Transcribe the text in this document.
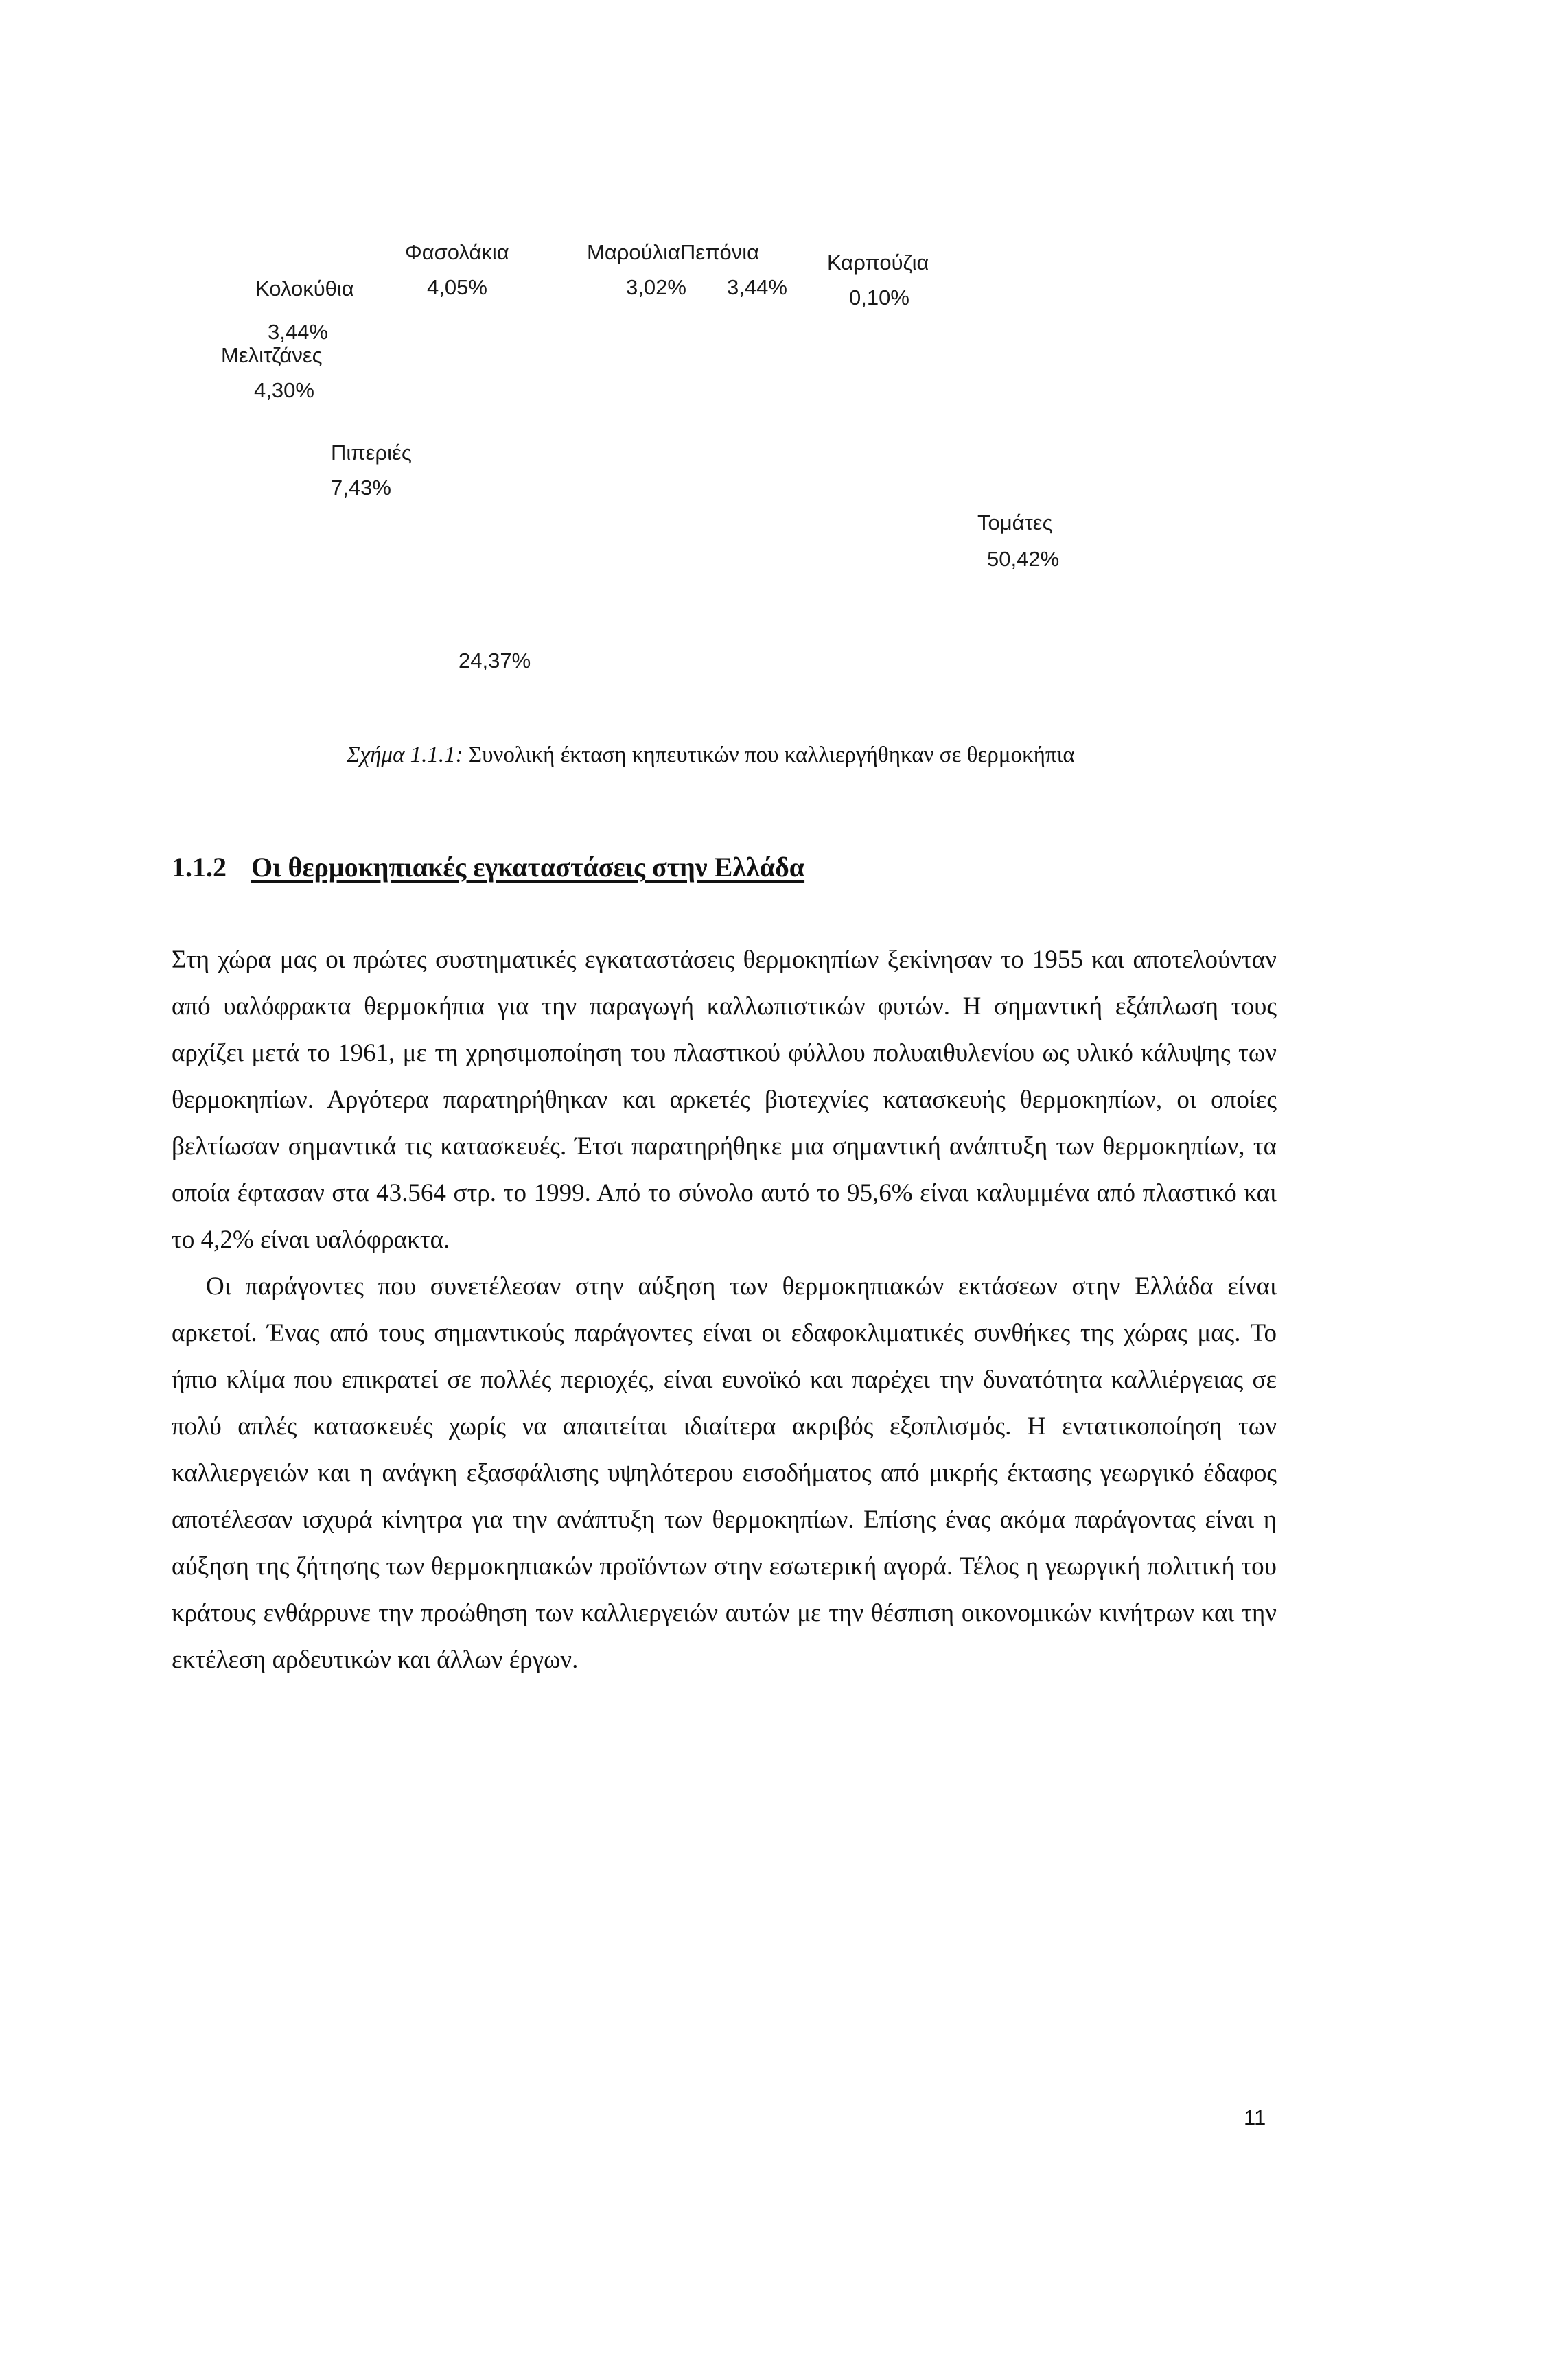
Φασολάκια
4,05%
ΜαρούλιαΠεπόνια
3,02% 3,44%
Καρπούζια
0,10%
Κολοκύθια
3,44%
Μελιτζάνες
4,30%
Πιπεριές
7,43%
Τομάτες
50,42%
24,37%
Σχήμα 1.1.1: Συνολική έκταση κηπευτικών που καλλιεργήθηκαν σε θερμοκήπια
1.1.2 Οι θερμοκηπιακές εγκαταστάσεις στην Ελλάδα

Στη χώρα μας οι πρώτες συστηματικές εγκαταστάσεις θερμοκηπίων ξεκίνησαν το 1955 και αποτελούνταν από υαλόφρακτα θερμοκήπια για την παραγωγή καλλωπιστικών φυτών. Η σημαντική εξάπλωση τους αρχίζει μετά το 1961, με τη χρησιμοποίηση του πλαστικού φύλλου πολυαιθυλενίου ως υλικό κάλυψης των θερμοκηπίων. Αργότερα παρατηρήθηκαν και αρκετές βιοτεχνίες κατασκευής θερμοκηπίων, οι οποίες βελτίωσαν σημαντικά τις κατασκευές. Έτσι παρατηρήθηκε μια σημαντική ανάπτυξη των θερμοκηπίων, τα οποία έφτασαν στα 43.564 στρ. το 1999. Από το σύνολο αυτό το 95,6% είναι καλυμμένα από πλαστικό και το 4,2% είναι υαλόφρακτα.

Οι παράγοντες που συνετέλεσαν στην αύξηση των θερμοκηπιακών εκτάσεων στην Ελλάδα είναι αρκετοί. Ένας από τους σημαντικούς παράγοντες είναι οι εδαφοκλιματικές συνθήκες της χώρας μας. Το ήπιο κλίμα που επικρατεί σε πολλές περιοχές, είναι ευνοϊκό και παρέχει την δυνατότητα καλλιέργειας σε πολύ απλές κατασκευές χωρίς να απαιτείται ιδιαίτερα ακριβός εξοπλισμός. Η εντατικοποίηση των καλλιεργειών και η ανάγκη εξασφάλισης υψηλότερου εισοδήματος από μικρής έκτασης γεωργικό έδαφος αποτέλεσαν ισχυρά κίνητρα για την ανάπτυξη των θερμοκηπίων. Επίσης ένας ακόμα παράγοντας είναι η αύξηση της ζήτησης των θερμοκηπιακών προϊόντων στην εσωτερική αγορά. Τέλος η γεωργική πολιτική του κράτους ενθάρρυνε την προώθηση των καλλιεργειών αυτών με την θέσπιση οικονομικών κινήτρων και την εκτέλεση αρδευτικών και άλλων έργων.

11
